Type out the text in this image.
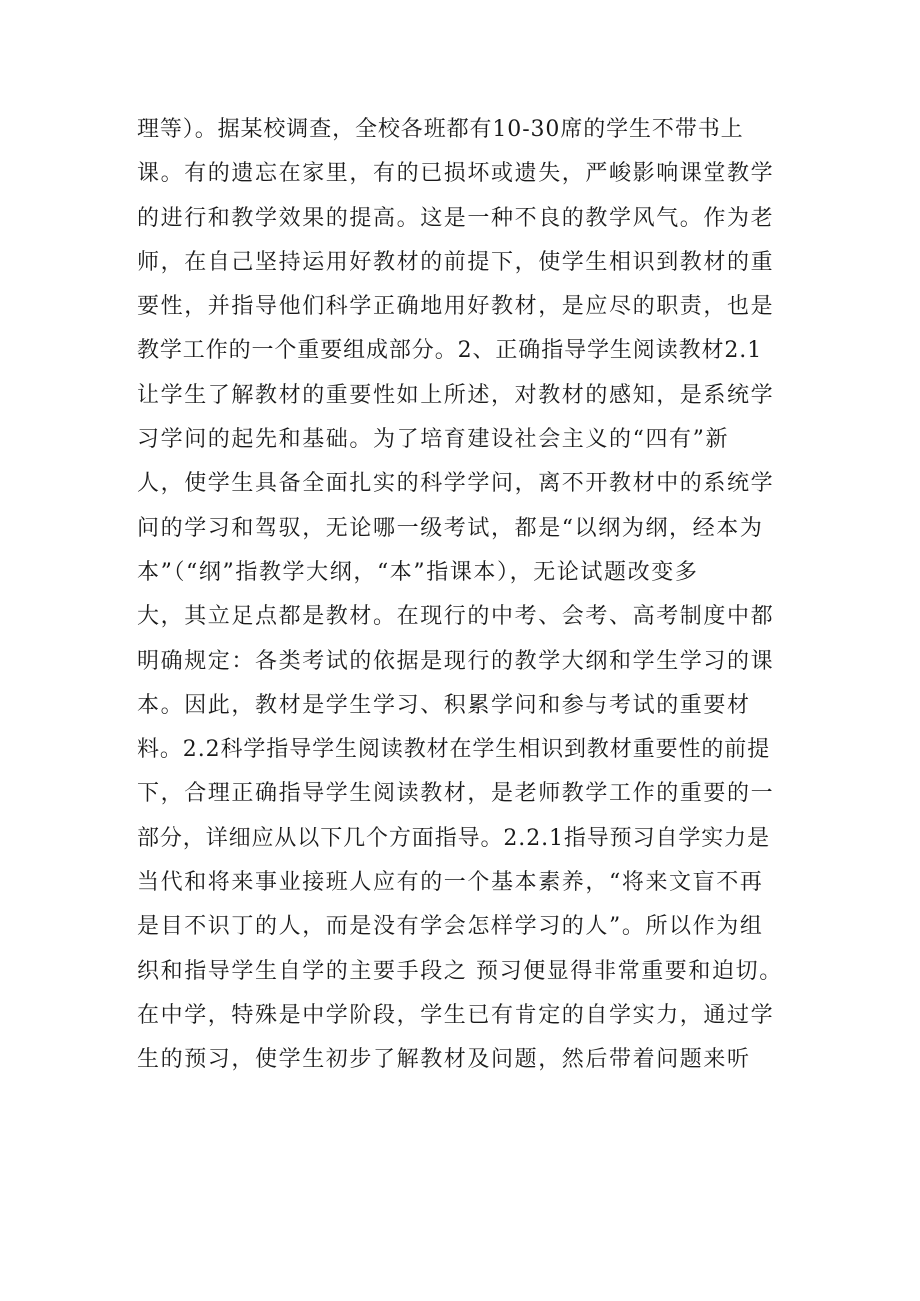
理等）。据某校调查，全校各班都有10-30席的学生不带书上
课。有的遗忘在家里，有的已损坏或遗失，严峻影响课堂教学
的进行和教学效果的提高。这是一种不良的教学风气。作为老
师，在自己坚持运用好教材的前提下，使学生相识到教材的重
要性，并指导他们科学正确地用好教材，是应尽的职责，也是
教学工作的一个重要组成部分。2、正确指导学生阅读教材2.1
让学生了解教材的重要性如上所述，对教材的感知，是系统学
习学问的起先和基础。为了培育建设社会主义的“四有”新
人，使学生具备全面扎实的科学学问，离不开教材中的系统学
问的学习和驾驭，无论哪一级考试，都是“以纲为纲，经本为
本”（“纲”指教学大纲，“本”指课本），无论试题改变多
大，其立足点都是教材。在现行的中考、会考、高考制度中都
明确规定：各类考试的依据是现行的教学大纲和学生学习的课
本。因此，教材是学生学习、积累学问和参与考试的重要材
料。2.2科学指导学生阅读教材在学生相识到教材重要性的前提
下，合理正确指导学生阅读教材，是老师教学工作的重要的一
部分，详细应从以下几个方面指导。2.2.1指导预习自学实力是
当代和将来事业接班人应有的一个基本素养，“将来文盲不再
是目不识丁的人，而是没有学会怎样学习的人”。所以作为组
织和指导学生自学的主要手段之 预习便显得非常重要和迫切。
在中学，特殊是中学阶段，学生已有肯定的自学实力，通过学
生的预习，使学生初步了解教材及问题，然后带着问题来听
